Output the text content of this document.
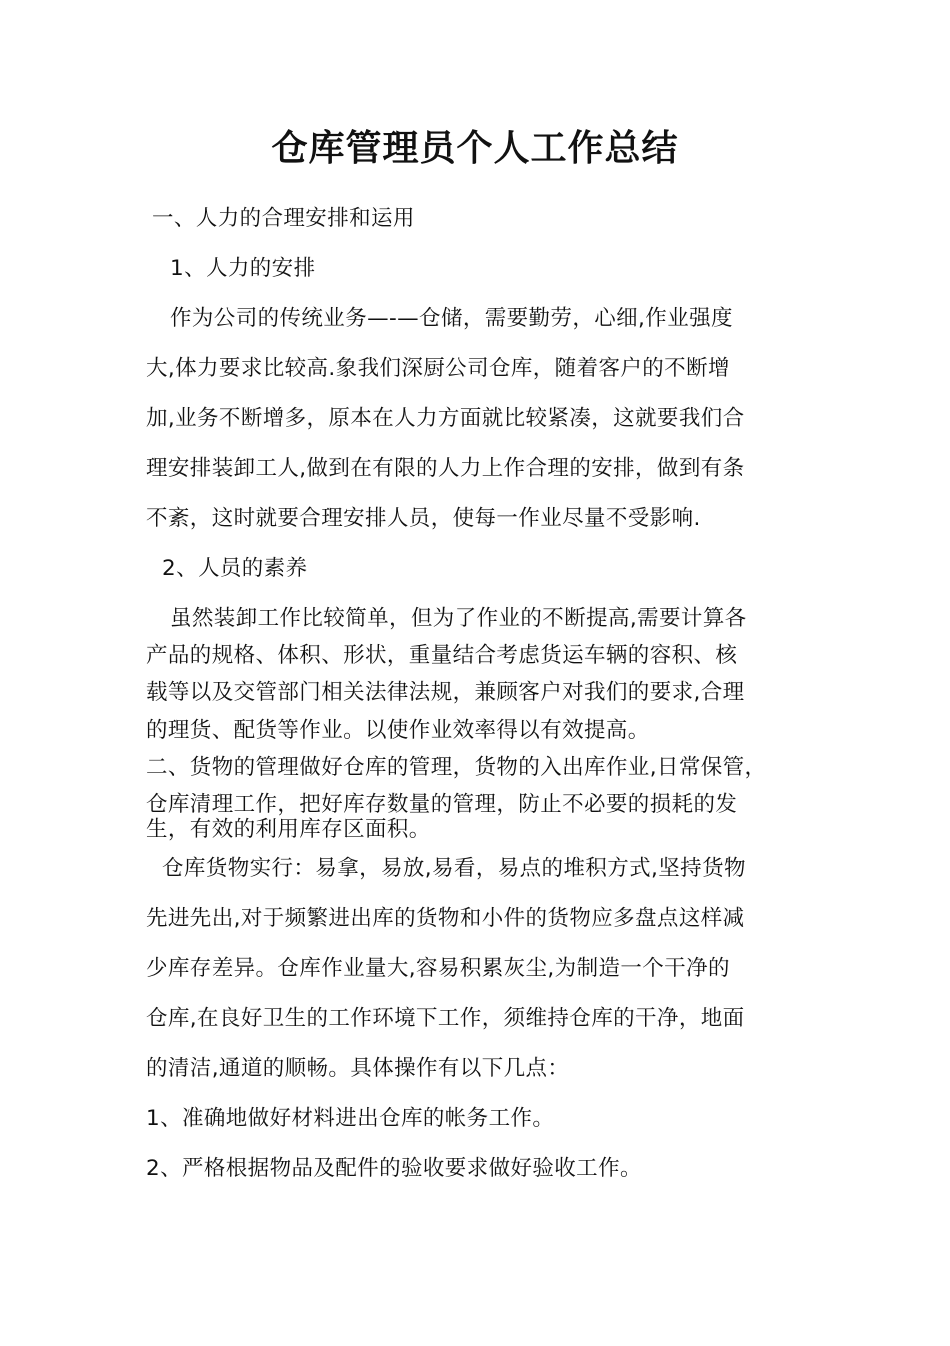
仓库管理员个人工作总结

一、人力的合理安排和运用

1、人力的安排

作为公司的传统业务—-—仓储，需要勤劳，心细,作业强度

大,体力要求比较高.象我们深厨公司仓库，随着客户的不断增

加,业务不断增多，原本在人力方面就比较紧凑，这就要我们合

理安排装卸工人,做到在有限的人力上作合理的安排，做到有条

不紊，这时就要合理安排人员，使每一作业尽量不受影响.

2、人员的素养

虽然装卸工作比较简单，但为了作业的不断提高,需要计算各

产品的规格、体积、形状，重量结合考虑货运车辆的容积、核

载等以及交管部门相关法律法规，兼顾客户对我们的要求,合理

的理货、配货等作业。以使作业效率得以有效提高。

二、货物的管理做好仓库的管理，货物的入出库作业,日常保管，

仓库清理工作，把好库存数量的管理，防止不必要的损耗的发

生，有效的利用库存区面积。

仓库货物实行：易拿，易放,易看，易点的堆积方式,坚持货物

先进先出,对于频繁进出库的货物和小件的货物应多盘点这样减

少库存差异。仓库作业量大,容易积累灰尘,为制造一个干净的

仓库,在良好卫生的工作环境下工作，须维持仓库的干净，地面

的清洁,通道的顺畅。具体操作有以下几点：

1、准确地做好材料进出仓库的帐务工作。

2、严格根据物品及配件的验收要求做好验收工作。
